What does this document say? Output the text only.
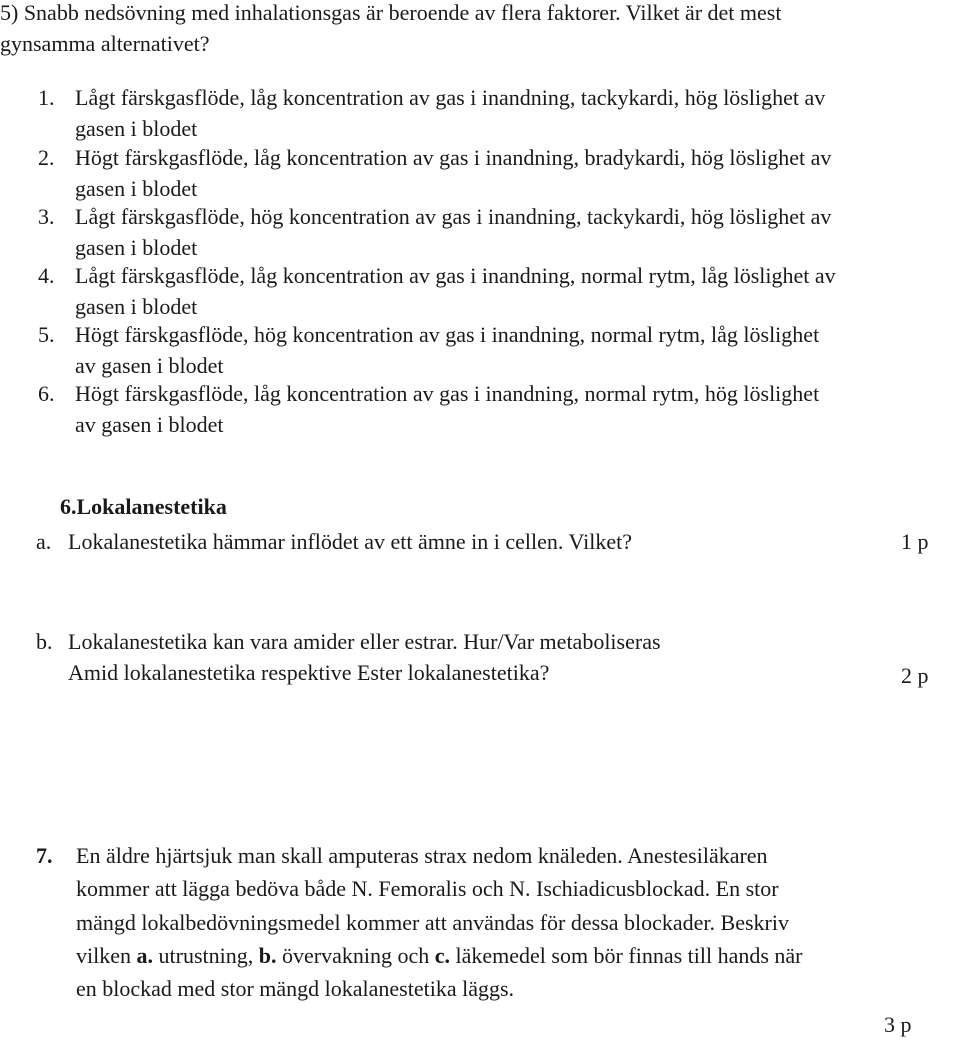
5) Snabb nedsövning med inhalationsgas är beroende av flera faktorer. Vilket är det mest
gynsamma alternativet?
1. Lågt färskgasflöde, låg koncentration av gas i inandning, tackykardi, hög löslighet av
gasen i blodet
2. Högt färskgasflöde, låg koncentration av gas i inandning, bradykardi, hög löslighet av
gasen i blodet
3. Lågt färskgasflöde, hög koncentration av gas i inandning, tackykardi, hög löslighet av
gasen i blodet
4. Lågt färskgasflöde, låg koncentration av gas i inandning, normal rytm, låg löslighet av
gasen i blodet
5. Högt färskgasflöde, hög koncentration av gas i inandning, normal rytm, låg löslighet
av gasen i blodet
6. Högt färskgasflöde, låg koncentration av gas i inandning, normal rytm, hög löslighet
av gasen i blodet
6.Lokalanestetika
a. Lokalanestetika hämmar inflödet av ett ämne in i cellen. Vilket?	1 p
b. Lokalanestetika kan vara amider eller estrar. Hur/Var metaboliseras
Amid lokalanestetika respektive Ester lokalanestetika?	2 p
7. En äldre hjärtsjuk man skall amputeras strax nedom knäleden. Anestesiläkaren
kommer att lägga bedöva både N. Femoralis och N. Ischiadicusblockad. En stor
mängd lokalbedövningsmedel kommer att användas för dessa blockader. Beskriv
vilken a. utrustning, b. övervakning och c. läkemedel som bör finnas till hands när
en blockad med stor mängd lokalanestetika läggs.
3 p
